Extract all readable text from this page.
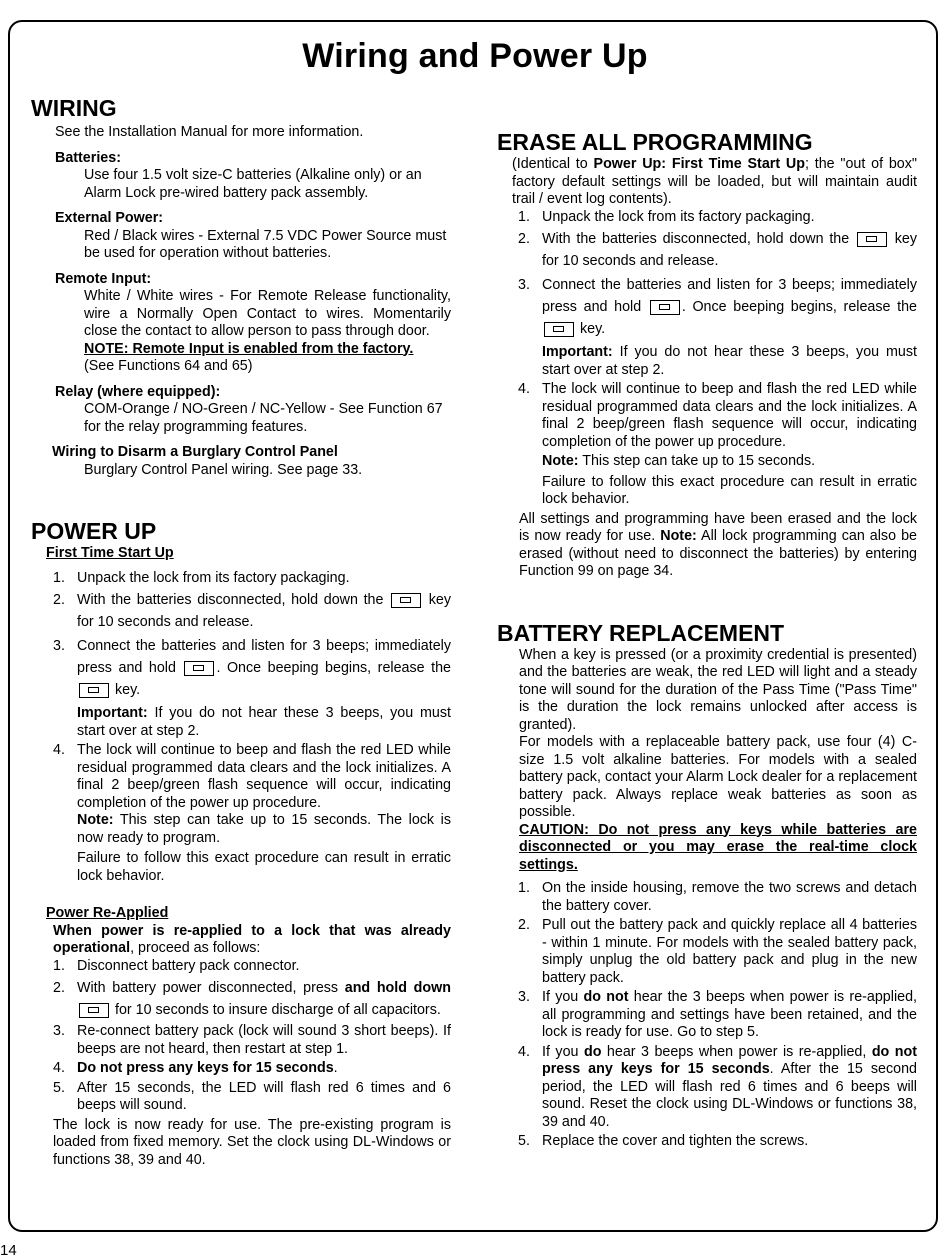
Wiring and Power Up
WIRING
See the Installation Manual for more information.
Batteries:
Use four 1.5 volt size-C batteries (Alkaline only) or an Alarm Lock pre-wired battery pack assembly.
External Power:
Red / Black wires - External 7.5 VDC Power Source must be used for operation without batteries.
Remote Input:
White / White wires - For Remote Release functionality, wire a Normally Open Contact to wires. Momentarily close the contact to allow person to pass through door.
NOTE: Remote Input is enabled from the factory.
(See Functions 64 and 65)
Relay (where equipped):
COM-Orange / NO-Green / NC-Yellow - See Function 67 for the relay programming features.
Wiring to Disarm a Burglary Control Panel
Burglary Control Panel wiring. See page 33.
POWER UP
First Time Start Up
1. Unpack the lock from its factory packaging.
2. With the batteries disconnected, hold down the	key for 10 seconds and release.
3. Connect the batteries and listen for 3 beeps; immediately press and hold	. Once beeping begins, release the  key.
Important: If you do not hear these 3 beeps, you must start over at step 2.
4. The lock will continue to beep and flash the red LED while residual programmed data clears and the lock initializes. A final 2 beep/green flash sequence will occur, indicating completion of the power up procedure.
Note: This step can take up to 15 seconds. The lock is now ready to program.
Failure to follow this exact procedure can result in erratic lock behavior.
Power Re-Applied
When power is re-applied to a lock that was already operational, proceed as follows:
1. Disconnect battery pack connector.
2. With battery power disconnected, press and hold down  for 10 seconds to insure discharge of all capacitors.
3. Re-connect battery pack (lock will sound 3 short beeps). If beeps are not heard, then restart at step 1.
4. Do not press any keys for 15 seconds.
5. After 15 seconds, the LED will flash red 6 times and 6 beeps will sound.
The lock is now ready for use. The pre-existing program is loaded from fixed memory. Set the clock using DL-Windows or functions 38, 39 and 40.
ERASE ALL PROGRAMMING
(Identical to Power Up: First Time Start Up; the "out of box" factory default settings will be loaded, but will maintain audit trail / event log contents).
1. Unpack the lock from its factory packaging.
2. With the batteries disconnected, hold down the	key for 10 seconds and release.
3. Connect the batteries and listen for 3 beeps; immediately press and hold	. Once beeping begins, release the  key.
Important: If you do not hear these 3 beeps, you must start over at step 2.
4. The lock will continue to beep and flash the red LED while residual programmed data clears and the lock initializes. A final 2 beep/green flash sequence will occur, indicating completion of the power up procedure.
Note: This step can take up to 15 seconds.
Failure to follow this exact procedure can result in erratic lock behavior.
All settings and programming have been erased and the lock is now ready for use. Note: All lock programming can also be erased (without need to disconnect the batteries) by entering Function 99 on page 34.
BATTERY REPLACEMENT
When a key is pressed (or a proximity credential is presented) and the batteries are weak, the red LED will light and a steady tone will sound for the duration of the Pass Time ("Pass Time" is the duration the lock remains unlocked after access is granted).
For models with a replaceable battery pack, use four (4) C-size 1.5 volt alkaline batteries. For models with a sealed battery pack, contact your Alarm Lock dealer for a replacement battery pack. Always replace weak batteries as soon as possible.
CAUTION: Do not press any keys while batteries are disconnected or you may erase the real-time clock settings.
1. On the inside housing, remove the two screws and detach the battery cover.
2. Pull out the battery pack and quickly replace all 4 batteries - within 1 minute. For models with the sealed battery pack, simply unplug the old battery pack and plug in the new battery pack.
3. If you do not hear the 3 beeps when power is re-applied, all programming and settings have been retained, and the lock is ready for use. Go to step 5.
4. If you do hear 3 beeps when power is re-applied, do not press any keys for 15 seconds. After the 15 second period, the LED will flash red 6 times and 6 beeps will sound. Reset the clock using DL-Windows or functions 38, 39 and 40.
5. Replace the cover and tighten the screws.
14
